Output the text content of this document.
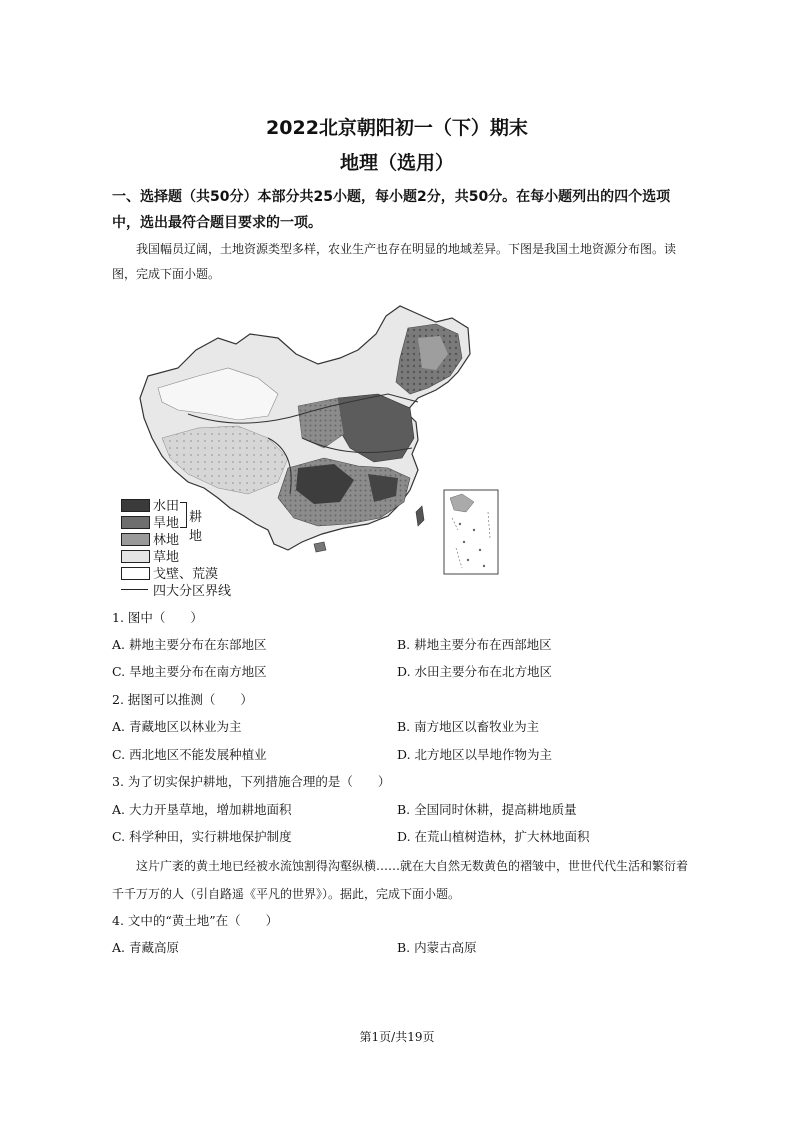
2022北京朝阳初一（下）期末
地理（选用）
一、选择题（共50分）本部分共25小题，每小题2分，共50分。在每小题列出的四个选项中，选出最符合题目要求的一项。
我国幅员辽阔，土地资源类型多样，农业生产也存在明显的地域差异。下图是我国土地资源分布图。读图，完成下面小题。
水田
旱地 耕地
林地
草地
戈壁、荒漠
四大分区界线
1. 图中（　　）
A. 耕地主要分布在东部地区	B. 耕地主要分布在西部地区
C. 旱地主要分布在南方地区	D. 水田主要分布在北方地区
2. 据图可以推测（　　）
A. 青藏地区以林业为主	B. 南方地区以畜牧业为主
C. 西北地区不能发展种植业	D. 北方地区以旱地作物为主
3. 为了切实保护耕地，下列措施合理的是（　　）
A. 大力开垦草地，增加耕地面积	B. 全国同时休耕，提高耕地质量
C. 科学种田，实行耕地保护制度	D. 在荒山植树造林，扩大林地面积
这片广袤的黄土地已经被水流蚀割得沟壑纵横……就在大自然无数黄色的褶皱中，世世代代生活和繁衍着千千万万的人（引自路遥《平凡的世界》）。据此，完成下面小题。
4. 文中的“黄土地”在（　　）
A. 青藏高原	B. 内蒙古高原
第1页/共19页
